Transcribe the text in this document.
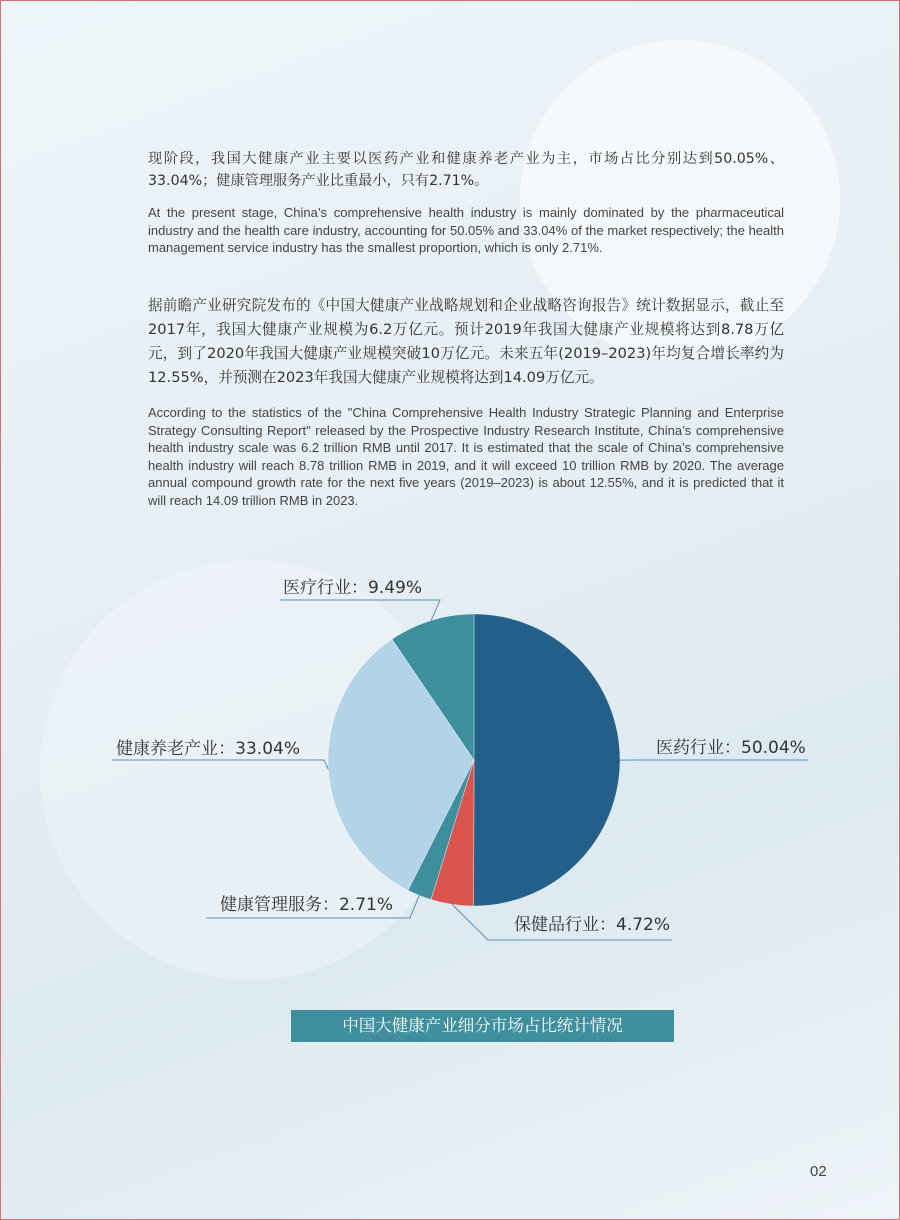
现阶段，我国大健康产业主要以医药产业和健康养老产业为主，市场占比分别达到50.05%、33.04%；健康管理服务产业比重最小，只有2.71%。
At the present stage, China’s comprehensive health industry is mainly dominated by the pharmaceutical industry and the health care industry, accounting for 50.05% and 33.04% of the market respectively; the health management service industry has the smallest proportion, which is only 2.71%.
据前瞻产业研究院发布的《中国大健康产业战略规划和企业战略咨询报告》统计数据显示，截止至2017年，我国大健康产业规模为6.2万亿元。预计2019年我国大健康产业规模将达到8.78万亿元，到了2020年我国大健康产业规模突破10万亿元。未来五年(2019–2023)年均复合增长率约为12.55%，并预测在2023年我国大健康产业规模将达到14.09万亿元。
According to the statistics of the "China Comprehensive Health Industry Strategic Planning and Enterprise Strategy Consulting Report" released by the Prospective Industry Research Institute, China’s comprehensive health industry scale was 6.2 trillion RMB until 2017. It is estimated that the scale of China’s comprehensive health industry will reach 8.78 trillion RMB in 2019, and it will exceed 10 trillion RMB by 2020. The average annual compound growth rate for the next five years (2019–2023) is about 12.55%, and it is predicted that it will reach 14.09 trillion RMB in 2023.
医药行业：50.04%
保健品行业：4.72%
健康管理服务：2.71%
健康养老产业：33.04%
医疗行业：9.49%
中国大健康产业细分市场占比统计情况
02
